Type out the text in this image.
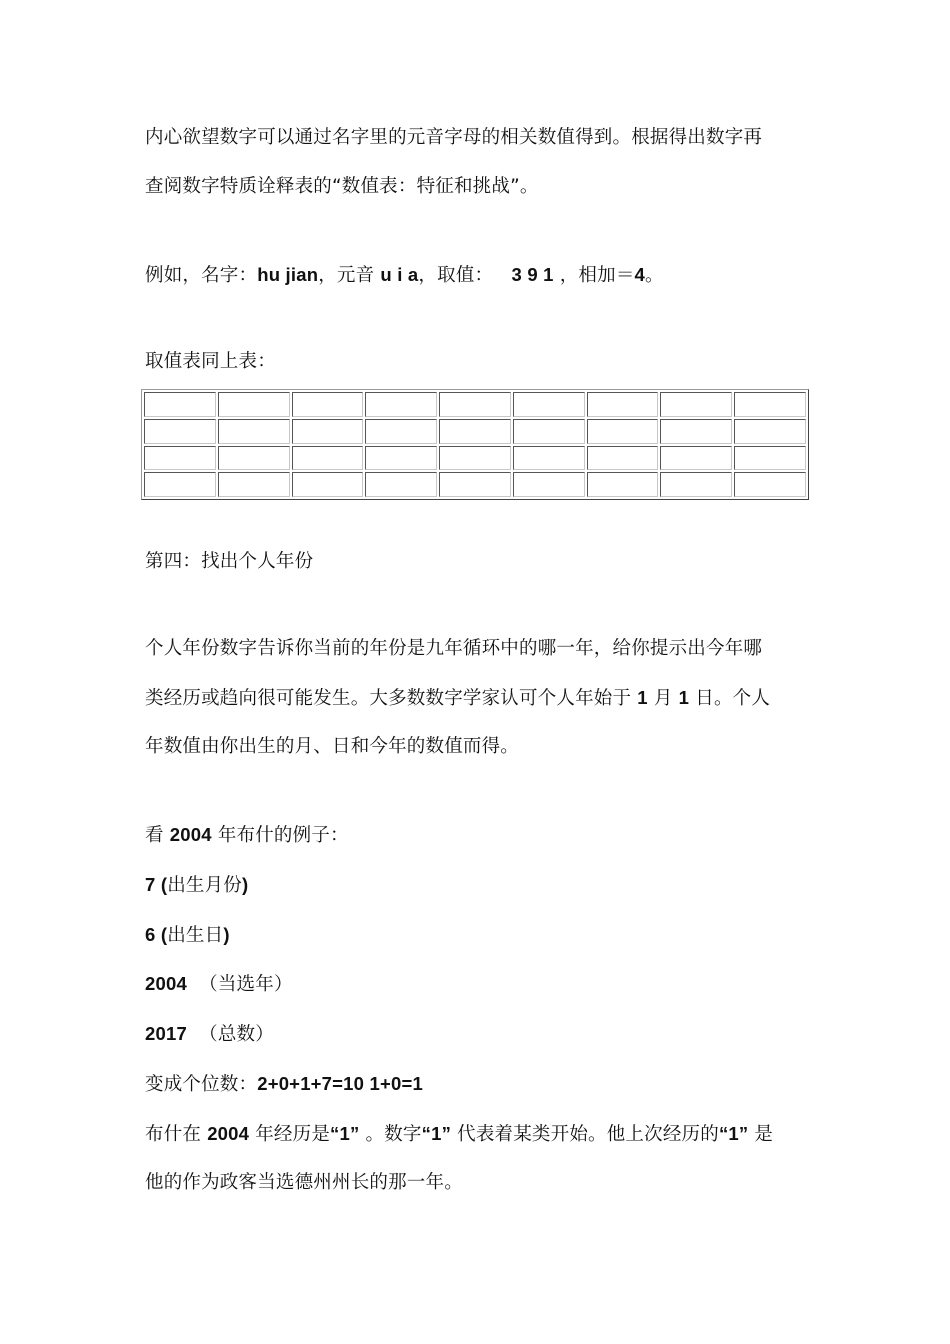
内心欲望数字可以通过名字里的元音字母的相关数值得到。根据得出数字再
查阅数字特质诠释表的“数值表：特征和挑战”。
例如，名字：hu jian，元音 u i a，取值： 3 9 1 ，相加＝4。
取值表同上表：

第四：找出个人年份
个人年份数字告诉你当前的年份是九年循环中的哪一年，给你提示出今年哪
类经历或趋向很可能发生。大多数数字学家认可个人年始于 1 月 1 日。个人
年数值由你出生的月、日和今年的数值而得。
看 2004 年布什的例子：
7 (出生月份)
6 (出生日)
2004 （当选年）
2017 （总数）
变成个位数：2+0+1+7=10 1+0=1
布什在 2004 年经历是“1” 。数字“1” 代表着某类开始。他上次经历的“1” 是
他的作为政客当选德州州长的那一年。
